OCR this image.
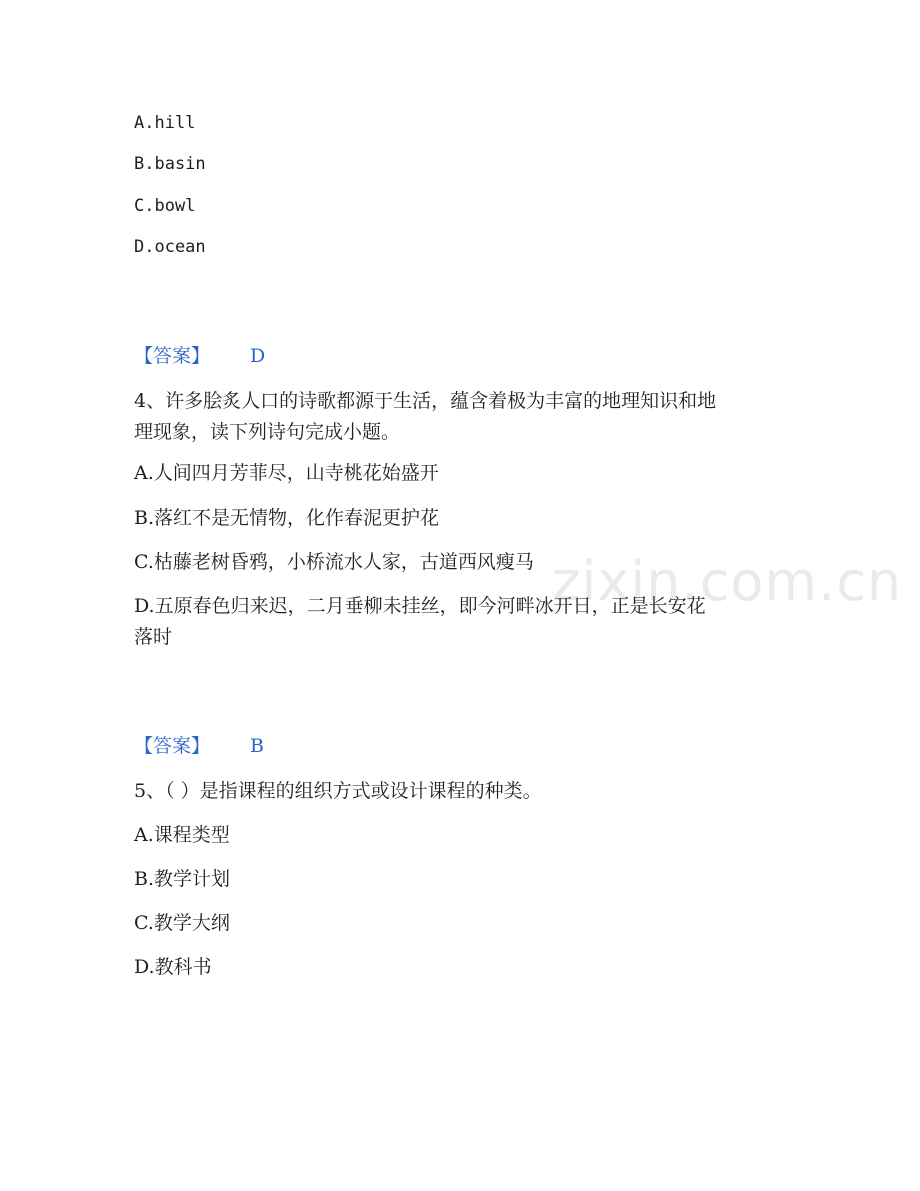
zixin.com.cn
A.hill
B.basin
C.bowl
D.ocean
【答案】 D
4、许多脍炙人口的诗歌都源于生活，蕴含着极为丰富的地理知识和地
理现象，读下列诗句完成小题。
A.人间四月芳菲尽，山寺桃花始盛开
B.落红不是无情物，化作春泥更护花
C.枯藤老树昏鸦，小桥流水人家，古道西风瘦马
D.五原春色归来迟，二月垂柳未挂丝，即今河畔冰开日，正是长安花
落时
【答案】 B
5、（ ）是指课程的组织方式或设计课程的种类。
A.课程类型
B.教学计划
C.教学大纲
D.教科书
